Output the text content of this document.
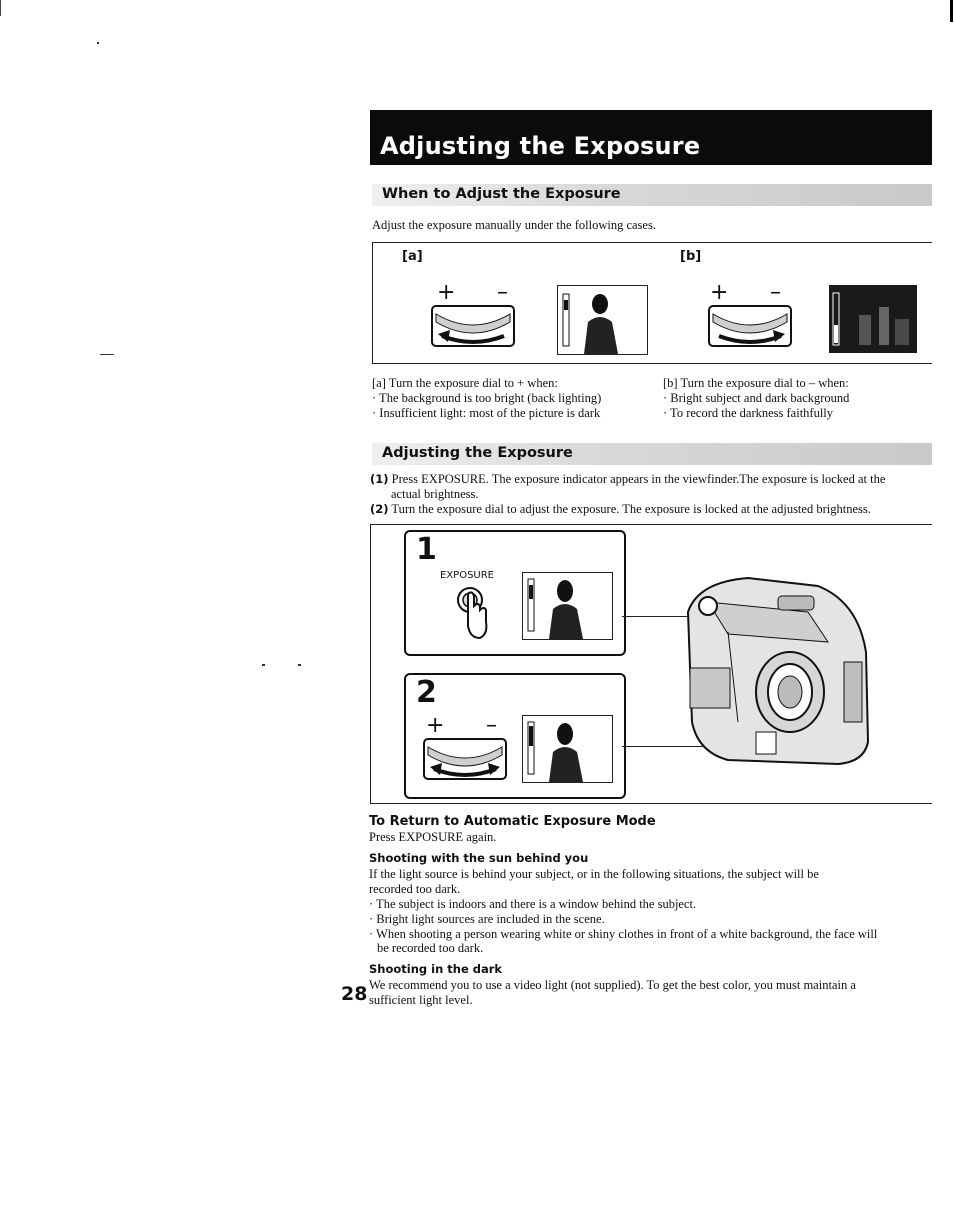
Adjusting the Exposure
When to Adjust the Exposure
Adjust the exposure manually under the following cases.
[a]	[b]
+ –	+ –
[a] Turn the exposure dial to + when:
· The background is too bright (back lighting)
· Insufficient light: most of the picture is dark
[b] Turn the exposure dial to – when:
· Bright subject and dark background
· To record the darkness faithfully
Adjusting the Exposure
(1) Press EXPOSURE. The exposure indicator appears in the viewfinder.The exposure is locked at the
actual brightness.
(2) Turn the exposure dial to adjust the exposure. The exposure is locked at the adjusted brightness.
1
EXPOSURE
2
+ –
To Return to Automatic Exposure Mode
Press EXPOSURE again.
Shooting with the sun behind you
If the light source is behind your subject, or in the following situations, the subject will be
recorded too dark.
· The subject is indoors and there is a window behind the subject.
· Bright light sources are included in the scene.
· When shooting a person wearing white or shiny clothes in front of a white background, the face will
be recorded too dark.
Shooting in the dark
We recommend you to use a video light (not supplied). To get the best color, you must maintain a
sufficient light level.
28
